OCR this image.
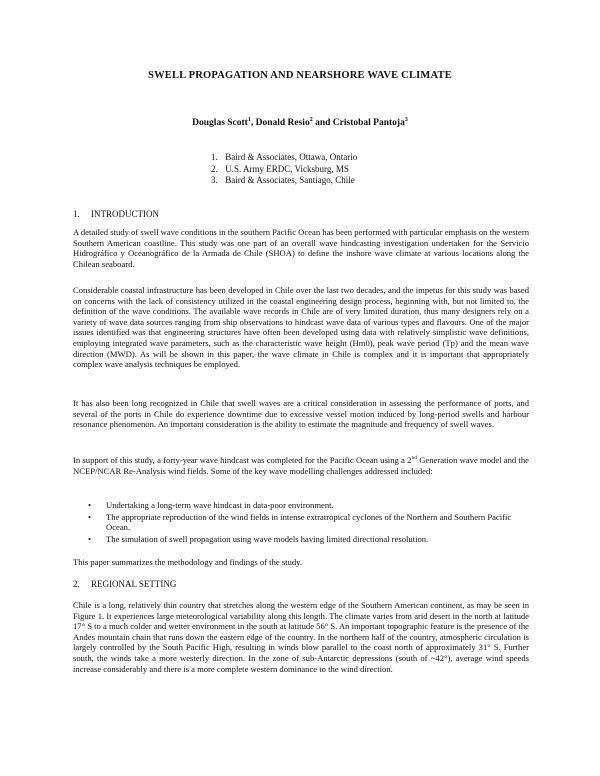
SWELL PROPAGATION AND NEARSHORE WAVE CLIMATE
Douglas Scott$^1$, Donald Resio$^2$ and Cristobal Pantoja$^3$
1. Baird & Associates, Ottawa, Ontario
2. U.S. Army ERDC, Vicksburg, MS
3. Baird & Associates, Santiago, Chile
1. INTRODUCTION
A detailed study of swell wave conditions in the southern Pacific Ocean has been performed with particular emphasis on the western Southern American coastline. This study was one part of an overall wave hindcasting investigation undertaken for the Servicio Hidrográfico y Oceanográfico de la Armada de Chile (SHOA) to define the inshore wave climate at various locations along the Chilean seaboard.
Considerable coastal infrastructure has been developed in Chile over the last two decades, and the impetus for this study was based on concerns with the lack of consistency utilized in the coastal engineering design process, beginning with, but not limited to, the definition of the wave conditions. The available wave records in Chile are of very limited duration, thus many designers rely on a variety of wave data sources ranging from ship observations to hindcast wave data of various types and flavours. One of the major issues identified was that engineering structures have often been developed using data with relatively simplistic wave definitions, employing integrated wave parameters, such as the characteristic wave height (Hm0), peak wave period (Tp) and the mean wave direction (MWD). As will be shown in this paper, the wave climate in Chile is complex and it is important that appropriately complex wave analysis techniques be employed.
It has also been long recognized in Chile that swell waves are a critical consideration in assessing the performance of ports, and several of the ports in Chile do experience downtime due to excessive vessel motion induced by long-period swells and harbour resonance phenomenon. An important consideration is the ability to estimate the magnitude and frequency of swell waves.
In support of this study, a forty-year wave hindcast was completed for the Pacific Ocean using a 2nd Generation wave model and the NCEP/NCAR Re-Analysis wind fields. Some of the key wave modelling challenges addressed included:
• Undertaking a long-term wave hindcast in data-poor environment.
• The appropriate reproduction of the wind fields in intense extratropical cyclones of the Northern and Southern Pacific Ocean.
• The simulation of swell propagation using wave models having limited directional resolution.
This paper summarizes the methodology and findings of the study.
2. REGIONAL SETTING
Chile is a long, relatively thin country that stretches along the western edge of the Southern American continent, as may be seen in Figure 1. It experiences large meteorological variability along this length. The climate varies from arid desert in the north at latitude 17° S to a much colder and wetter environment in the south at latitude 56° S. An important topographic feature is the presence of the Andes mountain chain that runs down the eastern edge of the country. In the northern half of the country, atmospheric circulation is largely controlled by the South Pacific High, resulting in winds blow parallel to the coast north of approximately 31° S. Further south, the winds take a more westerly direction. In the zone of sub-Antarctic depressions (south of ~42°), average wind speeds increase considerably and there is a more complete western dominance to the wind direction.
